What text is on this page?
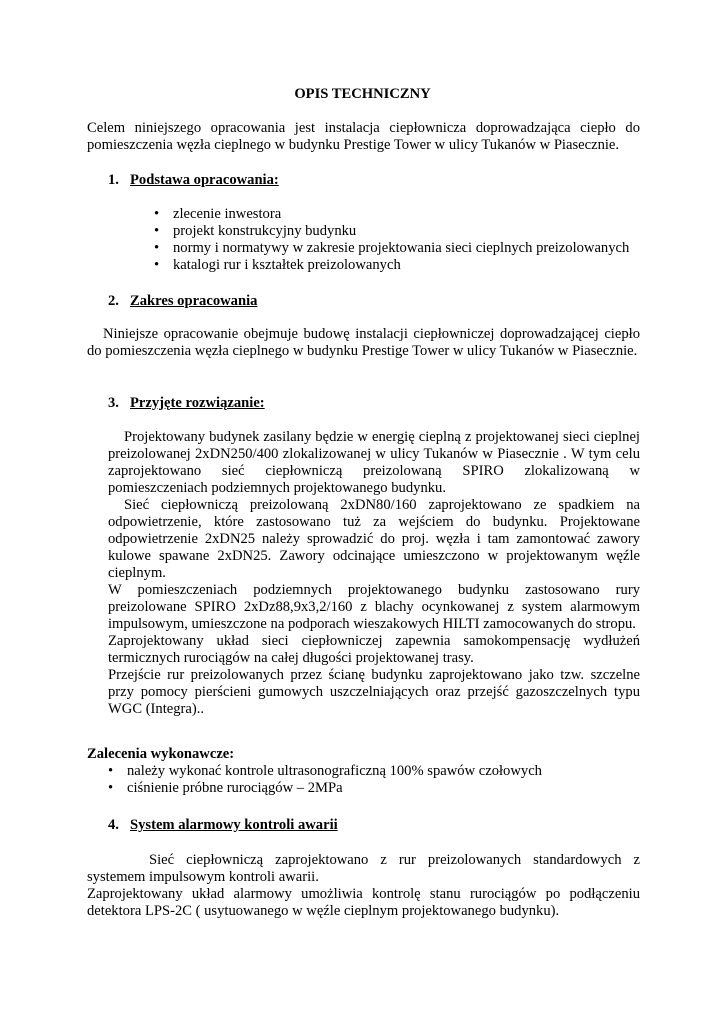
OPIS TECHNICZNY
Celem niniejszego opracowania jest instalacja ciepłownicza doprowadzająca ciepło do pomieszczenia węzła cieplnego w budynku Prestige Tower w ulicy Tukanów w Piasecznie.
1. Podstawa opracowania:
• zlecenie inwestora
• projekt konstrukcyjny budynku
• normy i normatywy w zakresie projektowania sieci cieplnych preizolowanych
• katalogi rur i kształtek preizolowanych
2. Zakres opracowania

Niniejsze opracowanie obejmuje budowę instalacji ciepłowniczej doprowadzającej ciepło do pomieszczenia węzła cieplnego w budynku Prestige Tower w ulicy Tukanów w Piasecznie.

3. Przyjęte rozwiązanie:

Projektowany budynek zasilany będzie w energię cieplną z projektowanej sieci cieplnej preizolowanej 2xDN250/400 zlokalizowanej w ulicy Tukanów w Piasecznie . W tym celu zaprojektowano sieć ciepłowniczą preizolowaną SPIRO zlokalizowaną w pomieszczeniach podziemnych projektowanego budynku.

Sieć ciepłowniczą preizolowaną 2xDN80/160 zaprojektowano ze spadkiem na odpowietrzenie, które zastosowano tuż za wejściem do budynku. Projektowane odpowietrzenie 2xDN25 należy sprowadzić do proj. węzła i tam zamontować zawory kulowe spawane 2xDN25. Zawory odcinające umieszczono w projektowanym węźle cieplnym.

W pomieszczeniach podziemnych projektowanego budynku zastosowano rury preizolowane SPIRO 2xDz88,9x3,2/160 z blachy ocynkowanej z system alarmowym impulsowym, umieszczone na podporach wieszakowych HILTI zamocowanych do stropu.

Zaprojektowany układ sieci ciepłowniczej zapewnia samokompensację wydłużeń termicznych rurociągów na całej długości projektowanej trasy.

Przejście rur preizolowanych przez ścianę budynku zaprojektowano jako tzw. szczelne przy pomocy pierścieni gumowych uszczelniających oraz przejść gazoszczelnych typu WGC (Integra)..

Zalecenia wykonawcze:
• należy wykonać kontrole ultrasonograficzną 100% spawów czołowych
• ciśnienie próbne rurociągów – 2MPa
4. System alarmowy kontroli awarii

Sieć ciepłowniczą zaprojektowano z rur preizolowanych standardowych z systemem impulsowym kontroli awarii.

Zaprojektowany układ alarmowy umożliwia kontrolę stanu rurociągów po podłączeniu detektora LPS-2C ( usytuowanego w węźle cieplnym projektowanego budynku).
